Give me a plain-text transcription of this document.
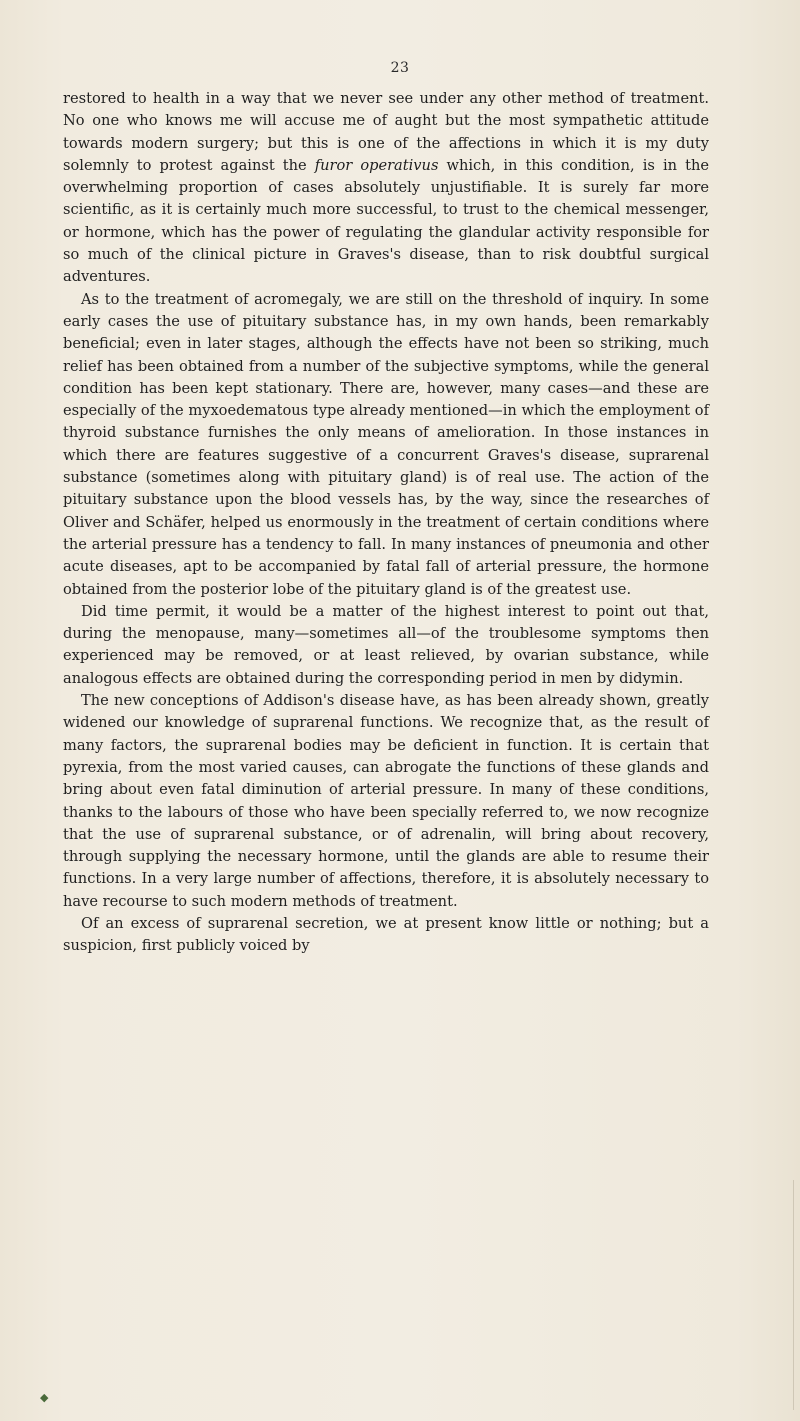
23

restored to health in a way that we never see under any other method of treatment. No one who knows me will accuse me of aught but the most sympathetic attitude towards modern surgery; but this is one of the affections in which it is my duty solemnly to protest against the furor operativus which, in this condition, is in the overwhelming proportion of cases absolutely unjustifiable. It is surely far more scientific, as it is certainly much more successful, to trust to the chemical messenger, or hormone, which has the power of regulating the glandular activity responsible for so much of the clinical picture in Graves's disease, than to risk doubtful surgical adventures.

As to the treatment of acromegaly, we are still on the threshold of inquiry. In some early cases the use of pituitary substance has, in my own hands, been remarkably beneficial; even in later stages, although the effects have not been so striking, much relief has been obtained from a number of the subjective symptoms, while the general condition has been kept stationary. There are, however, many cases—and these are especially of the myxoedematous type already mentioned—in which the employment of thyroid substance furnishes the only means of amelioration. In those instances in which there are features suggestive of a concurrent Graves's disease, suprarenal substance (sometimes along with pituitary gland) is of real use. The action of the pituitary substance upon the blood vessels has, by the way, since the researches of Oliver and Schäfer, helped us enormously in the treatment of certain conditions where the arterial pressure has a tendency to fall. In many instances of pneumonia and other acute diseases, apt to be accompanied by fatal fall of arterial pressure, the hormone obtained from the posterior lobe of the pituitary gland is of the greatest use.

Did time permit, it would be a matter of the highest interest to point out that, during the menopause, many—sometimes all—of the troublesome symptoms then experienced may be removed, or at least relieved, by ovarian substance, while analogous effects are obtained during the corresponding period in men by didymin.

The new conceptions of Addison's disease have, as has been already shown, greatly widened our knowledge of suprarenal functions. We recognize that, as the result of many factors, the suprarenal bodies may be deficient in function. It is certain that pyrexia, from the most varied causes, can abrogate the functions of these glands and bring about even fatal diminution of arterial pressure. In many of these conditions, thanks to the labours of those who have been specially referred to, we now recognize that the use of suprarenal substance, or of adrenalin, will bring about recovery, through supplying the necessary hormone, until the glands are able to resume their functions. In a very large number of affections, therefore, it is absolutely necessary to have recourse to such modern methods of treatment.

Of an excess of suprarenal secretion, we at present know little or nothing; but a suspicion, first publicly voiced by

◆
